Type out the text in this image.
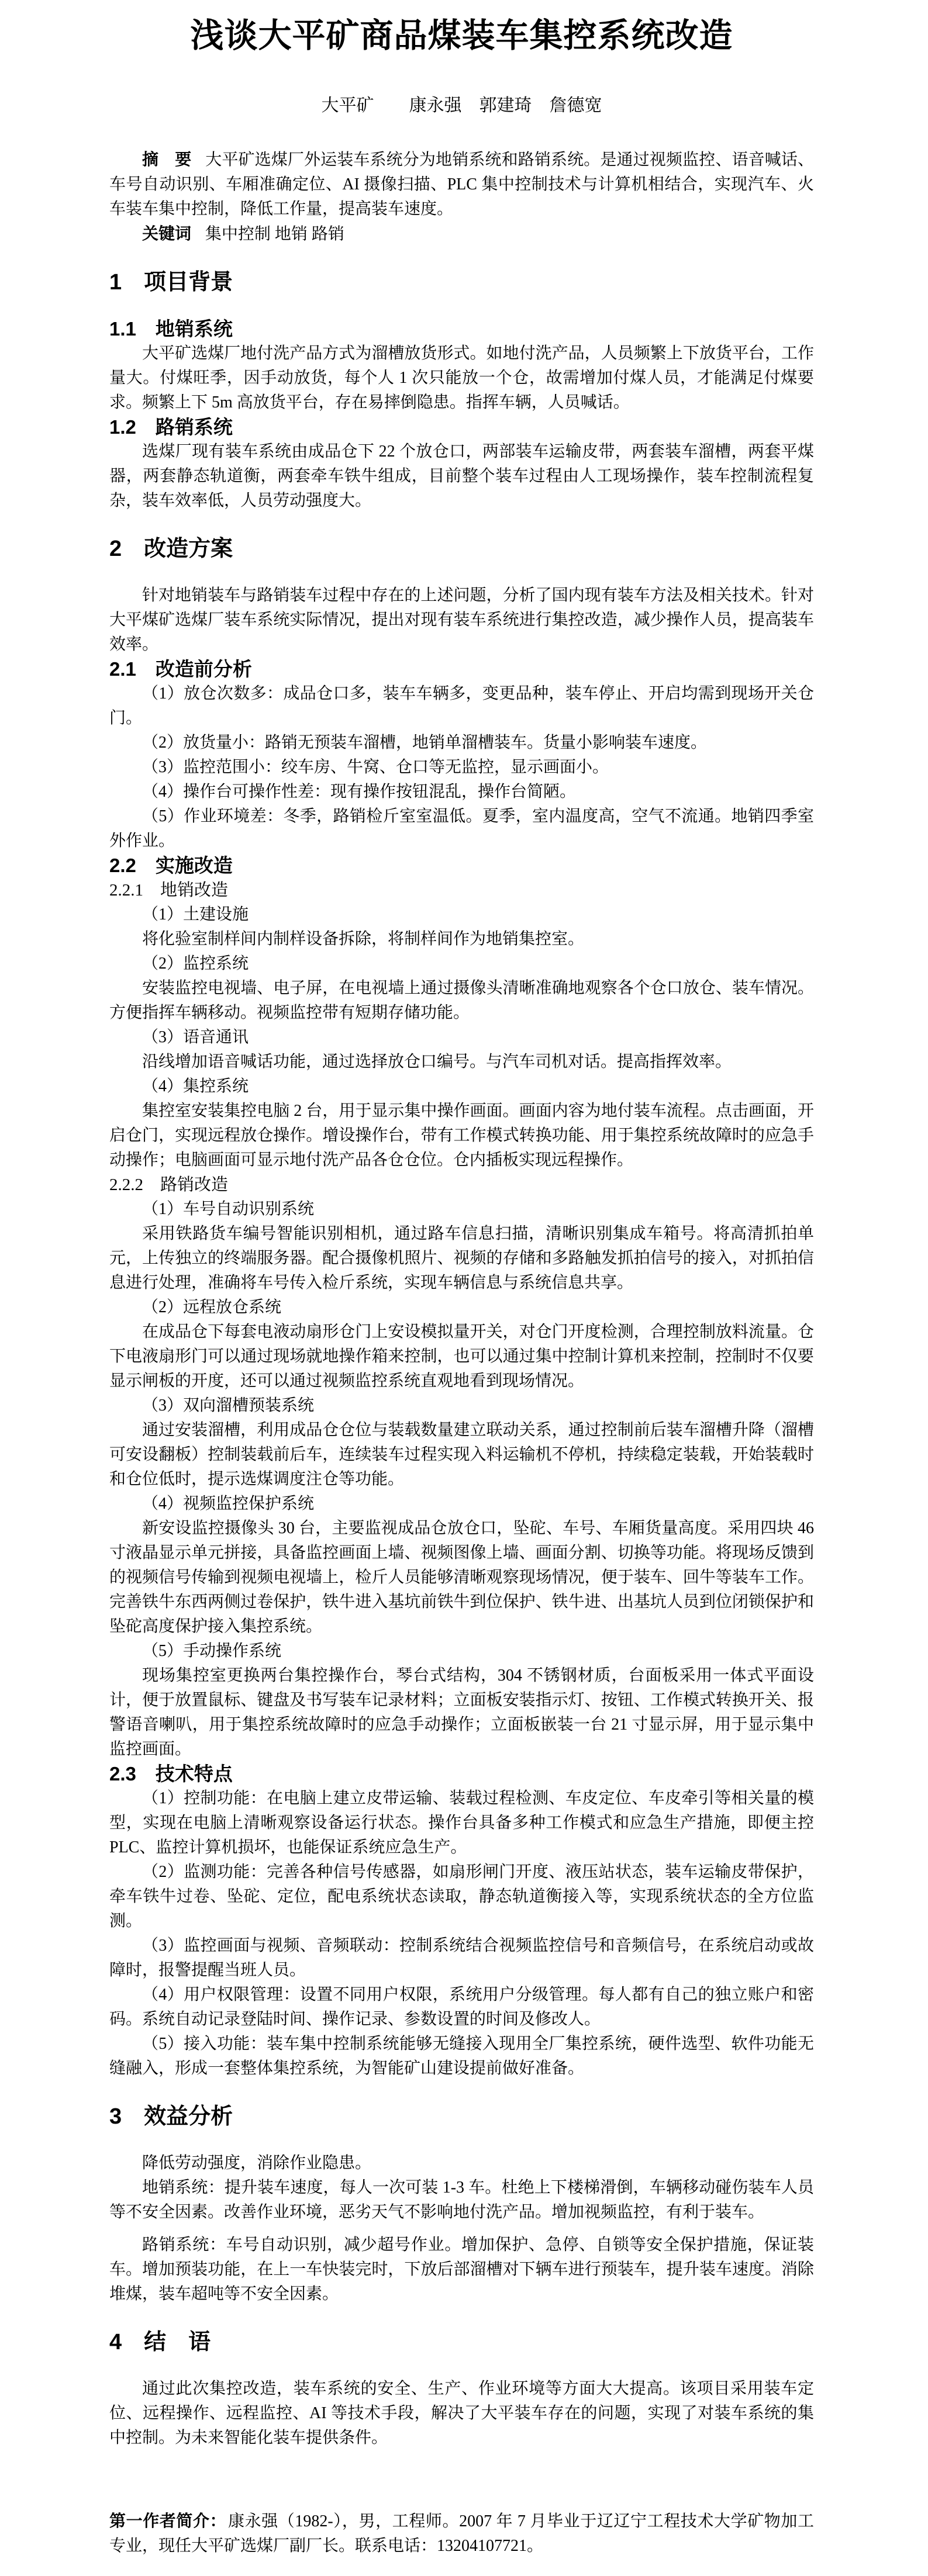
浅谈大平矿商品煤装车集控系统改造
大平矿　　康永强　郭建琦　詹德宽

摘　要 大平矿选煤厂外运装车系统分为地销系统和路销系统。是通过视频监控、语音喊话、车号自动识别、车厢准确定位、AI 摄像扫描、PLC 集中控制技术与计算机相结合，实现汽车、火车装车集中控制，降低工作量，提高装车速度。

关键词 集中控制 地销 路销

1　项目背景
1.1　地销系统
大平矿选煤厂地付洗产品方式为溜槽放货形式。如地付洗产品，人员频繁上下放货平台，工作量大。付煤旺季，因手动放货，每个人 1 次只能放一个仓，故需增加付煤人员，才能满足付煤要求。频繁上下 5m 高放货平台，存在易摔倒隐患。指挥车辆，人员喊话。
1.2　路销系统
选煤厂现有装车系统由成品仓下 22 个放仓口，两部装车运输皮带，两套装车溜槽，两套平煤器，两套静态轨道衡，两套牵车铁牛组成，目前整个装车过程由人工现场操作，装车控制流程复杂，装车效率低，人员劳动强度大。
2　改造方案
针对地销装车与路销装车过程中存在的上述问题，分析了国内现有装车方法及相关技术。针对大平煤矿选煤厂装车系统实际情况，提出对现有装车系统进行集控改造，减少操作人员，提高装车效率。
2.1　改造前分析
（1）放仓次数多：成品仓口多，装车车辆多，变更品种，装车停止、开启均需到现场开关仓门。
（2）放货量小：路销无预装车溜槽，地销单溜槽装车。货量小影响装车速度。
（3）监控范围小：绞车房、牛窝、仓口等无监控，显示画面小。
（4）操作台可操作性差：现有操作按钮混乱，操作台简陋。
（5）作业环境差：冬季，路销检斤室室温低。夏季，室内温度高，空气不流通。地销四季室外作业。
2.2　实施改造
2.2.1　地销改造
（1）土建设施
将化验室制样间内制样设备拆除，将制样间作为地销集控室。
（2）监控系统
安装监控电视墙、电子屏，在电视墙上通过摄像头清晰准确地观察各个仓口放仓、装车情况。方便指挥车辆移动。视频监控带有短期存储功能。
（3）语音通讯
沿线增加语音喊话功能，通过选择放仓口编号。与汽车司机对话。提高指挥效率。
（4）集控系统
集控室安装集控电脑 2 台，用于显示集中操作画面。画面内容为地付装车流程。点击画面，开启仓门，实现远程放仓操作。增设操作台，带有工作模式转换功能、用于集控系统故障时的应急手动操作；电脑画面可显示地付洗产品各仓仓位。仓内插板实现远程操作。
2.2.2　路销改造
（1）车号自动识别系统
采用铁路货车编号智能识别相机，通过路车信息扫描，清晰识别集成车箱号。将高清抓拍单元，上传独立的终端服务器。配合摄像机照片、视频的存储和多路触发抓拍信号的接入，对抓拍信息进行处理，准确将车号传入检斤系统，实现车辆信息与系统信息共享。
（2）远程放仓系统
在成品仓下每套电液动扇形仓门上安设模拟量开关，对仓门开度检测，合理控制放料流量。仓下电液扇形门可以通过现场就地操作箱来控制，也可以通过集中控制计算机来控制，控制时不仅要显示闸板的开度，还可以通过视频监控系统直观地看到现场情况。
（3）双向溜槽预装系统
通过安装溜槽，利用成品仓仓位与装载数量建立联动关系，通过控制前后装车溜槽升降（溜槽可安设翻板）控制装载前后车，连续装车过程实现入料运输机不停机，持续稳定装载，开始装载时和仓位低时，提示选煤调度注仓等功能。
（4）视频监控保护系统
新安设监控摄像头 30 台，主要监视成品仓放仓口，坠砣、车号、车厢货量高度。采用四块 46 寸液晶显示单元拼接，具备监控画面上墙、视频图像上墙、画面分割、切换等功能。将现场反馈到的视频信号传输到视频电视墙上，检斤人员能够清晰观察现场情况，便于装车、回牛等装车工作。完善铁牛东西两侧过卷保护，铁牛进入基坑前铁牛到位保护、铁牛进、出基坑人员到位闭锁保护和坠砣高度保护接入集控系统。
（5）手动操作系统
现场集控室更换两台集控操作台，琴台式结构，304 不锈钢材质，台面板采用一体式平面设计，便于放置鼠标、键盘及书写装车记录材料；立面板安装指示灯、按钮、工作模式转换开关、报警语音喇叭，用于集控系统故障时的应急手动操作；立面板嵌装一台 21 寸显示屏，用于显示集中监控画面。
2.3　技术特点
（1）控制功能：在电脑上建立皮带运输、装载过程检测、车皮定位、车皮牵引等相关量的模型，实现在电脑上清晰观察设备运行状态。操作台具备多种工作模式和应急生产措施，即便主控 PLC、监控计算机损坏，也能保证系统应急生产。
（2）监测功能：完善各种信号传感器，如扇形闸门开度、液压站状态，装车运输皮带保护，牵车铁牛过卷、坠砣、定位，配电系统状态读取，静态轨道衡接入等，实现系统状态的全方位监测。
（3）监控画面与视频、音频联动：控制系统结合视频监控信号和音频信号，在系统启动或故障时，报警提醒当班人员。
（4）用户权限管理：设置不同用户权限，系统用户分级管理。每人都有自己的独立账户和密码。系统自动记录登陆时间、操作记录、参数设置的时间及修改人。
（5）接入功能：装车集中控制系统能够无缝接入现用全厂集控系统，硬件选型、软件功能无缝融入，形成一套整体集控系统，为智能矿山建设提前做好准备。
3　效益分析
降低劳动强度，消除作业隐患。
地销系统：提升装车速度，每人一次可装 1-3 车。杜绝上下楼梯滑倒，车辆移动碰伤装车人员等不安全因素。改善作业环境，恶劣天气不影响地付洗产品。增加视频监控，有利于装车。
路销系统：车号自动识别，减少超号作业。增加保护、急停、自锁等安全保护措施，保证装车。增加预装功能，在上一车快装完时，下放后部溜槽对下辆车进行预装车，提升装车速度。消除堆煤，装车超吨等不安全因素。
4　结　语
通过此次集控改造，装车系统的安全、生产、作业环境等方面大大提高。该项目采用装车定位、远程操作、远程监控、AI 等技术手段，解决了大平装车存在的问题，实现了对装车系统的集中控制。为未来智能化装车提供条件。

第一作者简介：康永强（1982-），男，工程师。2007 年 7 月毕业于辽辽宁工程技术大学矿物加工专业，现任大平矿选煤厂副厂长。联系电话：13204107721。
